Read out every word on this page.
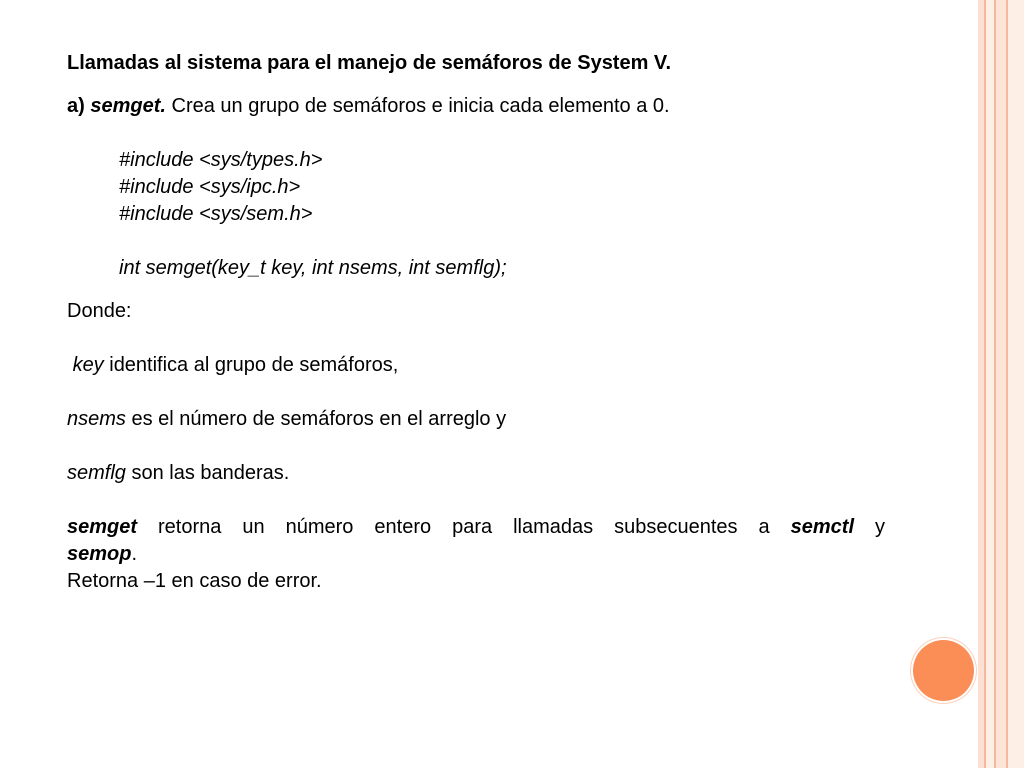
Llamadas al sistema para el manejo de semáforos de System V.

a) semget. Crea un grupo de semáforos e inicia cada elemento a 0.

#include <sys/types.h>

#include <sys/ipc.h>

#include <sys/sem.h>

int semget(key_t key, int nsems, int semflg);

Donde:

key identifica al grupo de semáforos,

nsems es el número de semáforos en el arreglo y

semflg son las banderas.

semget retorna un número entero para llamadas subsecuentes a semctl y

semop.

Retorna –1 en caso de error.
